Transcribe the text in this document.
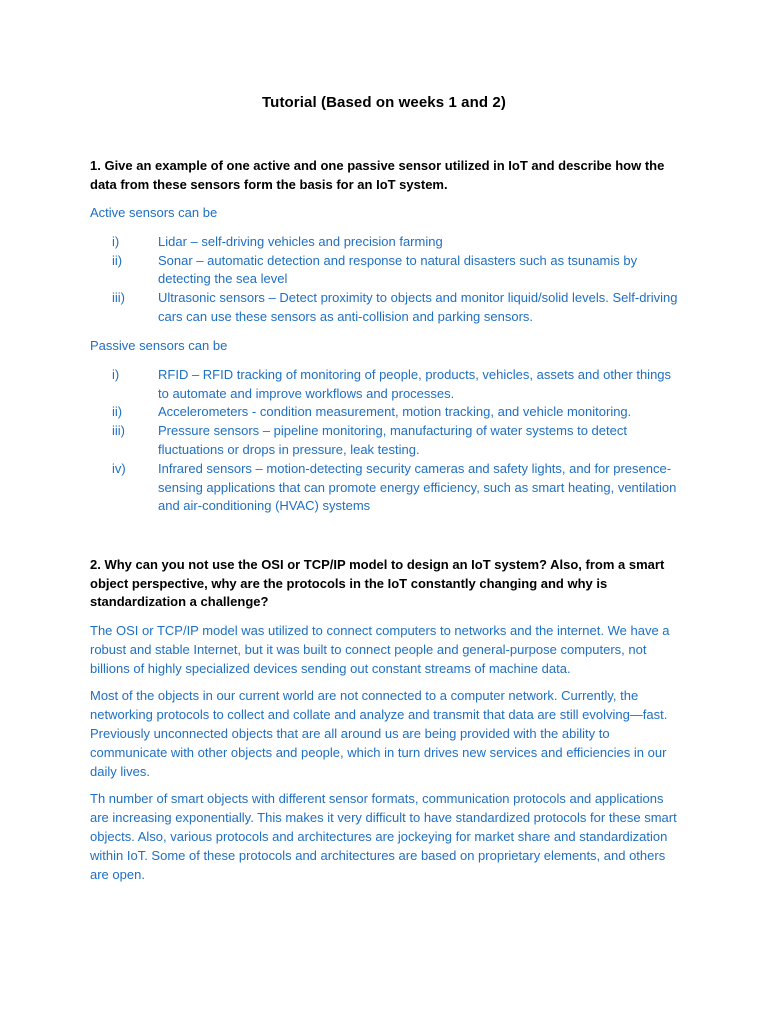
Tutorial (Based on weeks 1 and 2)

1. Give an example of one active and one passive sensor utilized in IoT and describe how the data from these sensors form the basis for an IoT system.

Active sensors can be

i)	Lidar – self-driving vehicles and precision farming
ii)	Sonar – automatic detection and response to natural disasters such as tsunamis by detecting the sea level
iii)	Ultrasonic sensors – Detect proximity to objects and monitor liquid/solid levels. Self-driving cars can use these sensors as anti-collision and parking sensors.

Passive sensors can be

i)	RFID – RFID tracking of monitoring of people, products, vehicles, assets and other things to automate and improve workflows and processes.
ii)	Accelerometers - condition measurement, motion tracking, and vehicle monitoring.
iii)	Pressure sensors – pipeline monitoring, manufacturing of water systems to detect fluctuations or drops in pressure, leak testing.
iv)	Infrared sensors – motion-detecting security cameras and safety lights, and for presence-sensing applications that can promote energy efficiency, such as smart heating, ventilation and air-conditioning (HVAC) systems

2. Why can you not use the OSI or TCP/IP model to design an IoT system? Also, from a smart object perspective, why are the protocols in the IoT constantly changing and why is standardization a challenge?

The OSI or TCP/IP model was utilized to connect computers to networks and the internet. We have a robust and stable Internet, but it was built to connect people and general-purpose computers, not billions of highly specialized devices sending out constant streams of machine data.

Most of the objects in our current world are not connected to a computer network. Currently, the networking protocols to collect and collate and analyze and transmit that data are still evolving—fast. Previously unconnected objects that are all around us are being provided with the ability to communicate with other objects and people, which in turn drives new services and efficiencies in our daily lives.

Th number of smart objects with different sensor formats, communication protocols and applications are increasing exponentially. This makes it very difficult to have standardized protocols for these smart objects. Also, various protocols and architectures are jockeying for market share and standardization within IoT. Some of these protocols and architectures are based on proprietary elements, and others are open.
